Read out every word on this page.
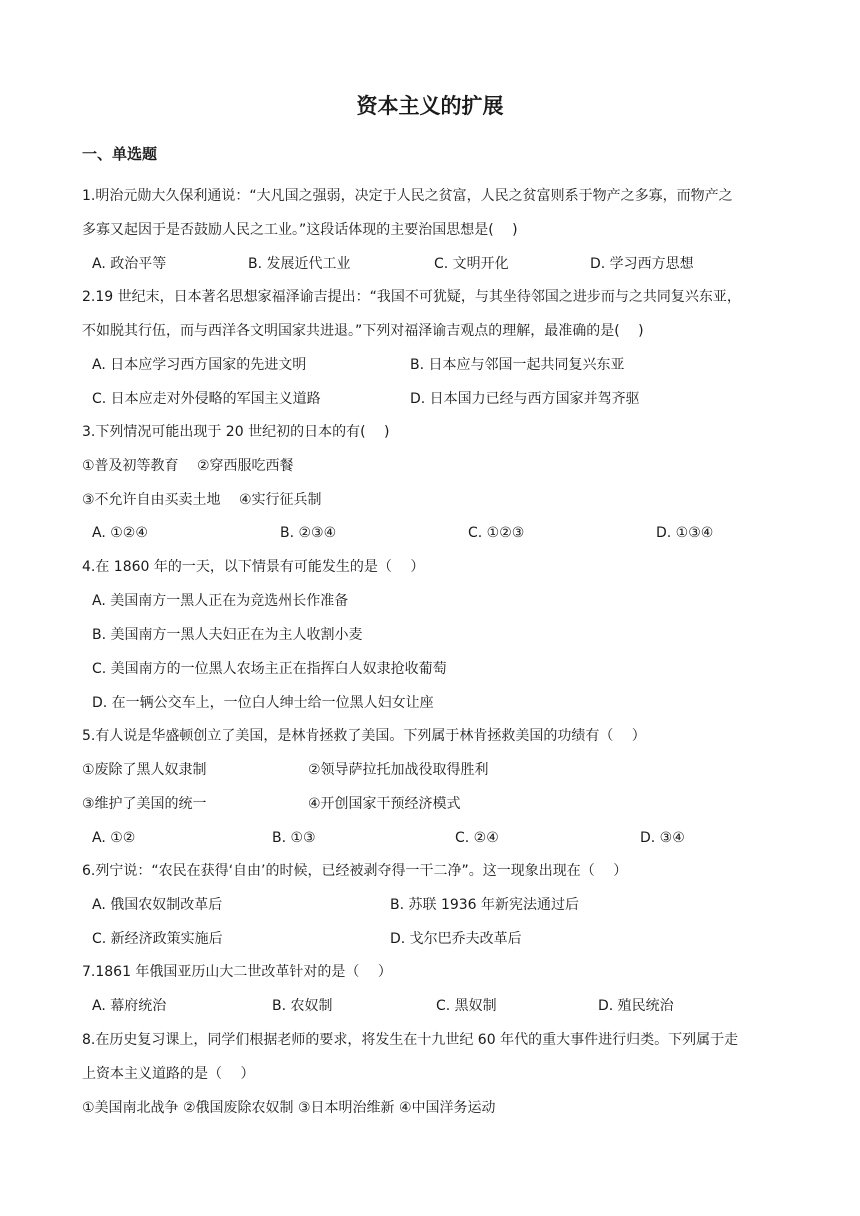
资本主义的扩展
一、单选题
1.明治元勋大久保利通说：“大凡国之强弱，决定于人民之贫富，人民之贫富则系于物产之多寡，而物产之
多寡又起因于是否鼓励人民之工业。”这段话体现的主要治国思想是(　 )
A. 政治平等	B. 发展近代工业	C. 文明开化	D. 学习西方思想
2.19 世纪末，日本著名思想家福泽谕吉提出：“我国不可犹疑，与其坐待邻国之进步而与之共同复兴东亚，
不如脱其行伍，而与西洋各文明国家共进退。”下列对福泽谕吉观点的理解，最准确的是(　 )
A. 日本应学习西方国家的先进文明	B. 日本应与邻国一起共同复兴东亚
C. 日本应走对外侵略的军国主义道路	D. 日本国力已经与西方国家并驾齐驱
3.下列情况可能出现于 20 世纪初的日本的有(　 )
①普及初等教育　 ②穿西服吃西餐
③不允许自由买卖土地　 ④实行征兵制
A. ①②④	B. ②③④	C. ①②③	D. ①③④
4.在 1860 年的一天，以下情景有可能发生的是（　 ）
A. 美国南方一黑人正在为竞选州长作准备
B. 美国南方一黑人夫妇正在为主人收割小麦
C. 美国南方的一位黑人农场主正在指挥白人奴隶抢收葡萄
D. 在一辆公交车上，一位白人绅士给一位黑人妇女让座
5.有人说是华盛顿创立了美国，是林肯拯救了美国。下列属于林肯拯救美国的功绩有（　 ）
①废除了黑人奴隶制	②领导萨拉托加战役取得胜利
③维护了美国的统一	④开创国家干预经济模式
A. ①②	B. ①③	C. ②④	D. ③④
6.列宁说：“农民在获得‘自由’的时候，已经被剥夺得一干二净”。这一现象出现在（　 ）
A. 俄国农奴制改革后	B. 苏联 1936 年新宪法通过后
C. 新经济政策实施后	D. 戈尔巴乔夫改革后
7.1861 年俄国亚历山大二世改革针对的是（　 ）
A. 幕府统治	B. 农奴制	C. 黑奴制	D. 殖民统治
8.在历史复习课上，同学们根据老师的要求，将发生在十九世纪 60 年代的重大事件进行归类。下列属于走
上资本主义道路的是（　 ）
①美国南北战争 ②俄国废除农奴制 ③日本明治维新 ④中国洋务运动
